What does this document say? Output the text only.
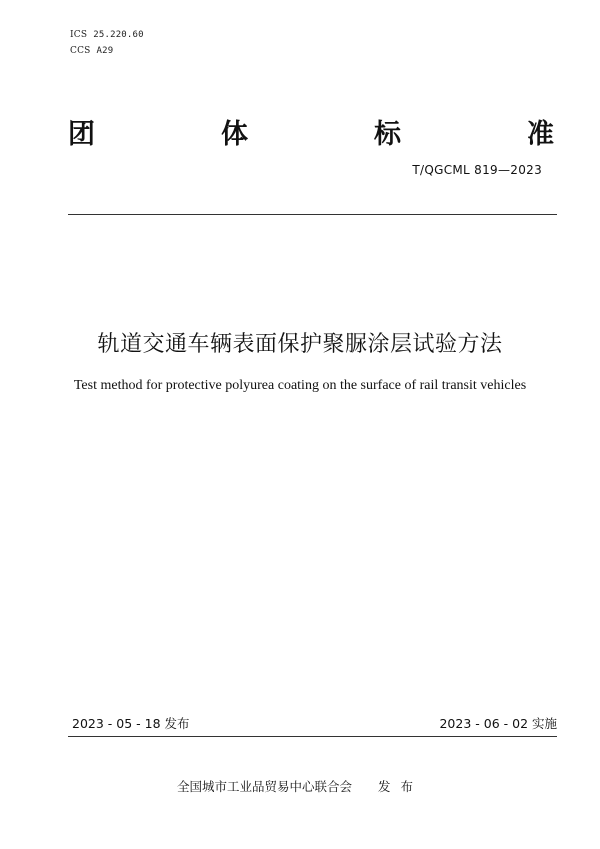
ICS 25.220.60
CCS A29
团	体	标	准
T/QGCML 819—2023
轨道交通车辆表面保护聚脲涂层试验方法
Test method for protective polyurea coating on the surface of rail transit vehicles
2023 - 05 - 18 发布	2023 - 06 - 02 实施
全国城市工业品贸易中心联合会 发布
